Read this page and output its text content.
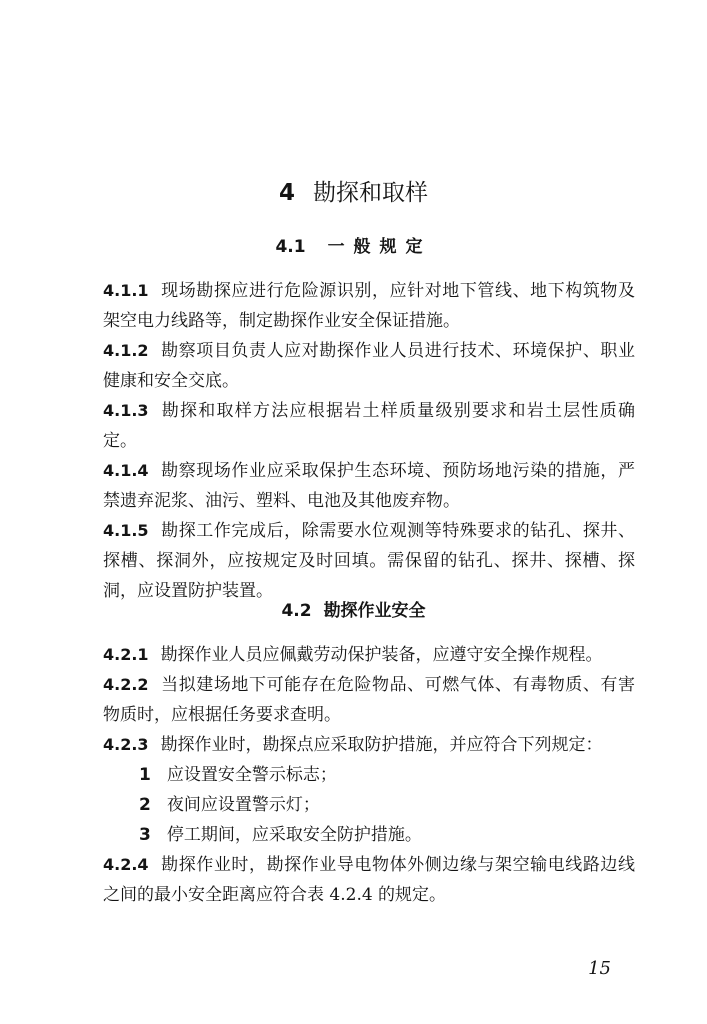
4 勘探和取样
4.1 一般规定

4.1.1 现场勘探应进行危险源识别，应针对地下管线、地下构筑物及架空电力线路等，制定勘探作业安全保证措施。

4.1.2 勘察项目负责人应对勘探作业人员进行技术、环境保护、职业健康和安全交底。

4.1.3 勘探和取样方法应根据岩土样质量级别要求和岩土层性质确定。

4.1.4 勘察现场作业应采取保护生态环境、预防场地污染的措施，严禁遗弃泥浆、油污、塑料、电池及其他废弃物。

4.1.5 勘探工作完成后，除需要水位观测等特殊要求的钻孔、探井、探槽、探洞外，应按规定及时回填。需保留的钻孔、探井、探槽、探洞，应设置防护装置。

4.2 勘探作业安全

4.2.1 勘探作业人员应佩戴劳动保护装备，应遵守安全操作规程。

4.2.2 当拟建场地下可能存在危险物品、可燃气体、有毒物质、有害物质时，应根据任务要求查明。

4.2.3 勘探作业时，勘探点应采取防护措施，并应符合下列规定：

1 应设置安全警示标志；

2 夜间应设置警示灯；

3 停工期间，应采取安全防护措施。

4.2.4 勘探作业时，勘探作业导电物体外侧边缘与架空输电线路边线之间的最小安全距离应符合表 4.2.4 的规定。

15
